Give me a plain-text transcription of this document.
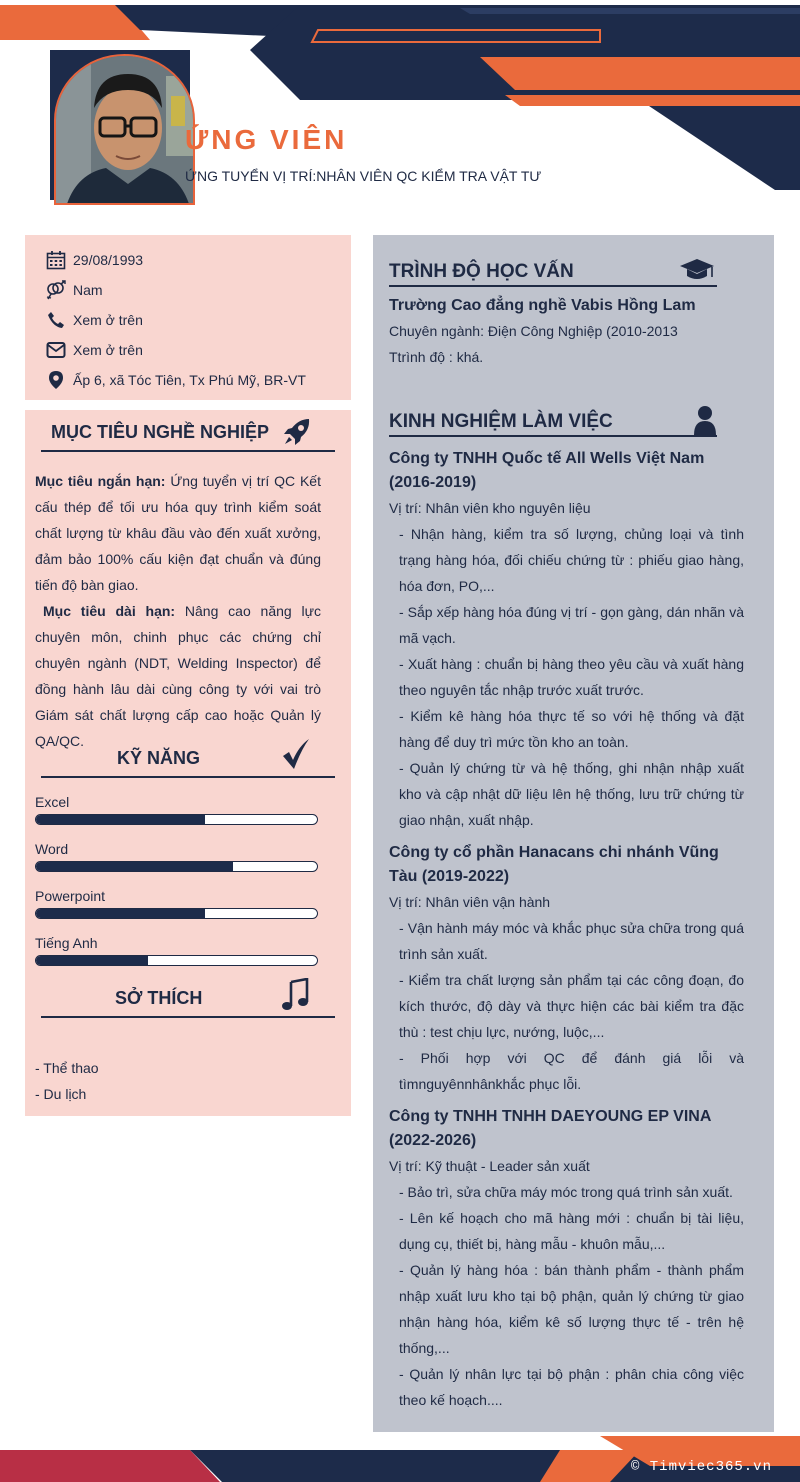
ỨNG VIÊN
ỨNG TUYỂN VỊ TRÍ:NHÂN VIÊN QC KIỂM TRA VẬT TƯ
29/08/1993
Nam
Xem ở trên
Xem ở trên
Ấp 6, xã Tóc Tiên, Tx Phú Mỹ, BR-VT
MỤC TIÊU NGHỀ NGHIỆP

Mục tiêu ngắn hạn: Ứng tuyển vị trí QC Kết cấu thép để tối ưu hóa quy trình kiểm soát chất lượng từ khâu đầu vào đến xuất xưởng, đảm bảo 100% cấu kiện đạt chuẩn và đúng tiến độ bàn giao.

Mục tiêu dài hạn: Nâng cao năng lực chuyên môn, chinh phục các chứng chỉ chuyên ngành (NDT, Welding Inspector) để đồng hành lâu dài cùng công ty với vai trò Giám sát chất lượng cấp cao hoặc Quản lý QA/QC.

KỸ NĂNG
Excel
Word
Powerpoint
Tiếng Anh
SỞ THÍCH
- Thể thao
- Du lịch
TRÌNH ĐỘ HỌC VẤN
Trường Cao đẳng nghề Vabis Hồng Lam
Chuyên ngành: Điện Công Nghiệp (2010-2013
Ttrình độ : khá.
KINH NGHIỆM LÀM VIỆC
Công ty TNHH Quốc tế All Wells Việt Nam (2016-2019)
Vị trí: Nhân viên kho nguyên liệu
- Nhận hàng, kiểm tra số lượng, chủng loại và tình trạng hàng hóa, đối chiếu chứng từ : phiếu giao hàng, hóa đơn, PO,...
- Sắp xếp hàng hóa đúng vị trí - gọn gàng, dán nhãn và mã vạch.
- Xuất hàng : chuẩn bị hàng theo yêu cầu và xuất hàng theo nguyên tắc nhập trước xuất trước.
- Kiểm kê hàng hóa thực tế so với hệ thống và đặt hàng để duy trì mức tồn kho an toàn.
- Quản lý chứng từ và hệ thống, ghi nhận nhập xuất kho và cập nhật dữ liệu lên hệ thống, lưu trữ chứng từ giao nhận, xuất nhập.
Công ty cổ phần Hanacans chi nhánh Vũng Tàu (2019-2022)
Vị trí: Nhân viên vận hành
- Vận hành máy móc và khắc phục sửa chữa trong quá trình sản xuất.
- Kiểm tra chất lượng sản phẩm tại các công đoạn, đo kích thước, độ dày và thực hiện các bài kiểm tra đặc thù : test chịu lực, nướng, luộc,...
- Phối hợp với QC để đánh giá lỗi và tìmnguyênnhânkhắc phục lỗi.
Công ty TNHH TNHH DAEYOUNG EP VINA (2022-2026)
Vị trí: Kỹ thuật - Leader sản xuất
- Bảo trì, sửa chữa máy móc trong quá trình sản xuất.
- Lên kế hoạch cho mã hàng mới : chuẩn bị tài liệu, dụng cụ, thiết bị, hàng mẫu - khuôn mẫu,...
- Quản lý hàng hóa : bán thành phẩm - thành phẩm nhập xuất lưu kho tại bộ phận, quản lý chứng từ giao nhận hàng hóa, kiểm kê số lượng thực tế - trên hệ thống,...
- Quản lý nhân lực tại bộ phận : phân chia công việc theo kế hoạch....
© Timviec365.vn
